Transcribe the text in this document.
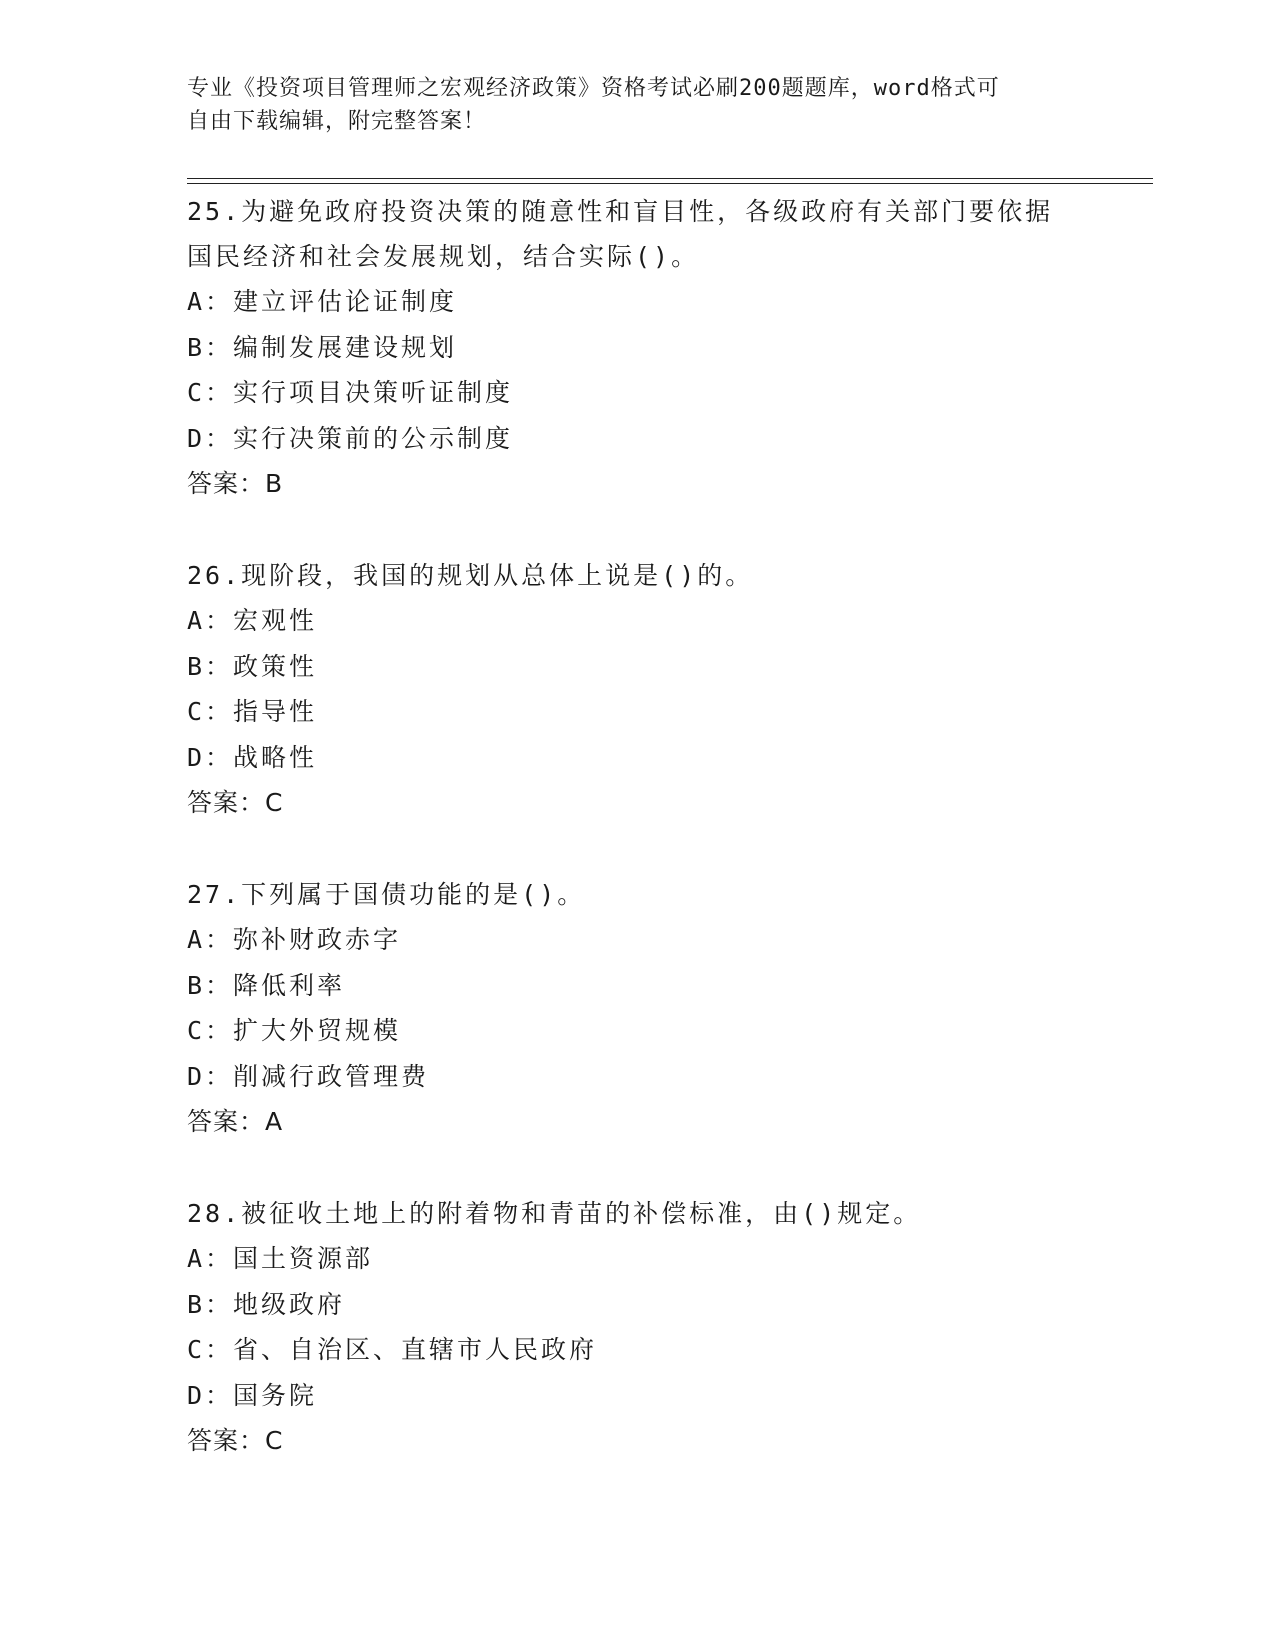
专业《投资项目管理师之宏观经济政策》资格考试必刷200题题库，word格式可
自由下载编辑，附完整答案！

25.为避免政府投资决策的随意性和盲目性，各级政府有关部门要依据

国民经济和社会发展规划，结合实际()。

A：建立评估论证制度

B：编制发展建设规划

C：实行项目决策听证制度

D：实行决策前的公示制度

答案：B

26.现阶段，我国的规划从总体上说是()的。

A：宏观性

B：政策性

C：指导性

D：战略性

答案：C

27.下列属于国债功能的是()。

A：弥补财政赤字

B：降低利率

C：扩大外贸规模

D：削减行政管理费

答案：A

28.被征收土地上的附着物和青苗的补偿标准，由()规定。

A：国土资源部

B：地级政府

C：省、自治区、直辖市人民政府

D：国务院

答案：C
